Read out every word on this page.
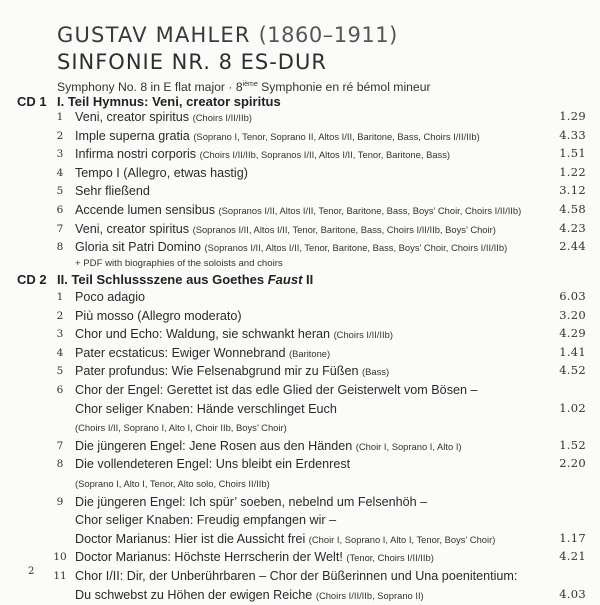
GUSTAV MAHLER (1860–1911)
SINFONIE NR. 8 ES-DUR
Symphony No. 8 in E flat major · 8ième Symphonie en ré bémol mineur
CD 1 I. Teil Hymnus: Veni, creator spiritus
1 Veni, creator spiritus (Choirs I/II/IIb)	1.29
2 Imple superna gratia (Soprano I, Tenor, Soprano II, Altos I/II, Baritone, Bass, Choirs I/II/IIb)	4.33
3 Infirma nostri corporis (Choirs I/II/IIb, Sopranos I/II, Altos I/II, Tenor, Baritone, Bass)	1.51
4 Tempo I (Allegro, etwas hastig)	1.22
5 Sehr fließend	3.12
6 Accende lumen sensibus (Sopranos I/II, Altos I/II, Tenor, Baritone, Bass, Boys’ Choir, Choirs I/II/IIb)	4.58
7 Veni, creator spiritus (Sopranos I/II, Altos I/II, Tenor, Baritone, Bass, Choirs I/II/IIb, Boys’ Choir)	4.23
8 Gloria sit Patri Domino (Sopranos I/II, Altos I/II, Tenor, Baritone, Bass, Boys’ Choir, Choirs I/II/IIb)	2.44
+ PDF with biographies of the soloists and choirs
CD 2 II. Teil Schlussszene aus Goethes Faust II
1 Poco adagio	6.03
2 Più mosso (Allegro moderato)	3.20
3 Chor und Echo: Waldung, sie schwankt heran (Choirs I/II/IIb)	4.29
4 Pater ecstaticus: Ewiger Wonnebrand (Baritone)	1.41
5 Pater profundus: Wie Felsenabgrund mir zu Füßen (Bass)	4.52
6 Chor der Engel: Gerettet ist das edle Glied der Geisterwelt vom Bösen –
Chor seliger Knaben: Hände verschlinget Euch	1.02
(Choirs I/II, Soprano I, Alto I, Choir IIb, Boys’ Choir)
7 Die jüngeren Engel: Jene Rosen aus den Händen (Choir I, Soprano I, Alto I)	1.52
8 Die vollendeteren Engel: Uns bleibt ein Erdenrest	2.20
(Soprano I, Alto I, Tenor, Alto solo, Choirs II/IIb)
9 Die jüngeren Engel: Ich spür’ soeben, nebelnd um Felsenhöh –
Chor seliger Knaben: Freudig empfangen wir –
Doctor Marianus: Hier ist die Aussicht frei (Choir I, Soprano I, Alto I, Tenor, Boys’ Choir)	1.17
10 Doctor Marianus: Höchste Herrscherin der Welt! (Tenor, Choirs I/II/IIb)	4.21
11 Chor I/II: Dir, der Unberührbaren – Chor der Büßerinnen und Una poenitentium:
Du schwebst zu Höhen der ewigen Reiche (Choirs I/II/IIb, Soprano II)	4.03
2
